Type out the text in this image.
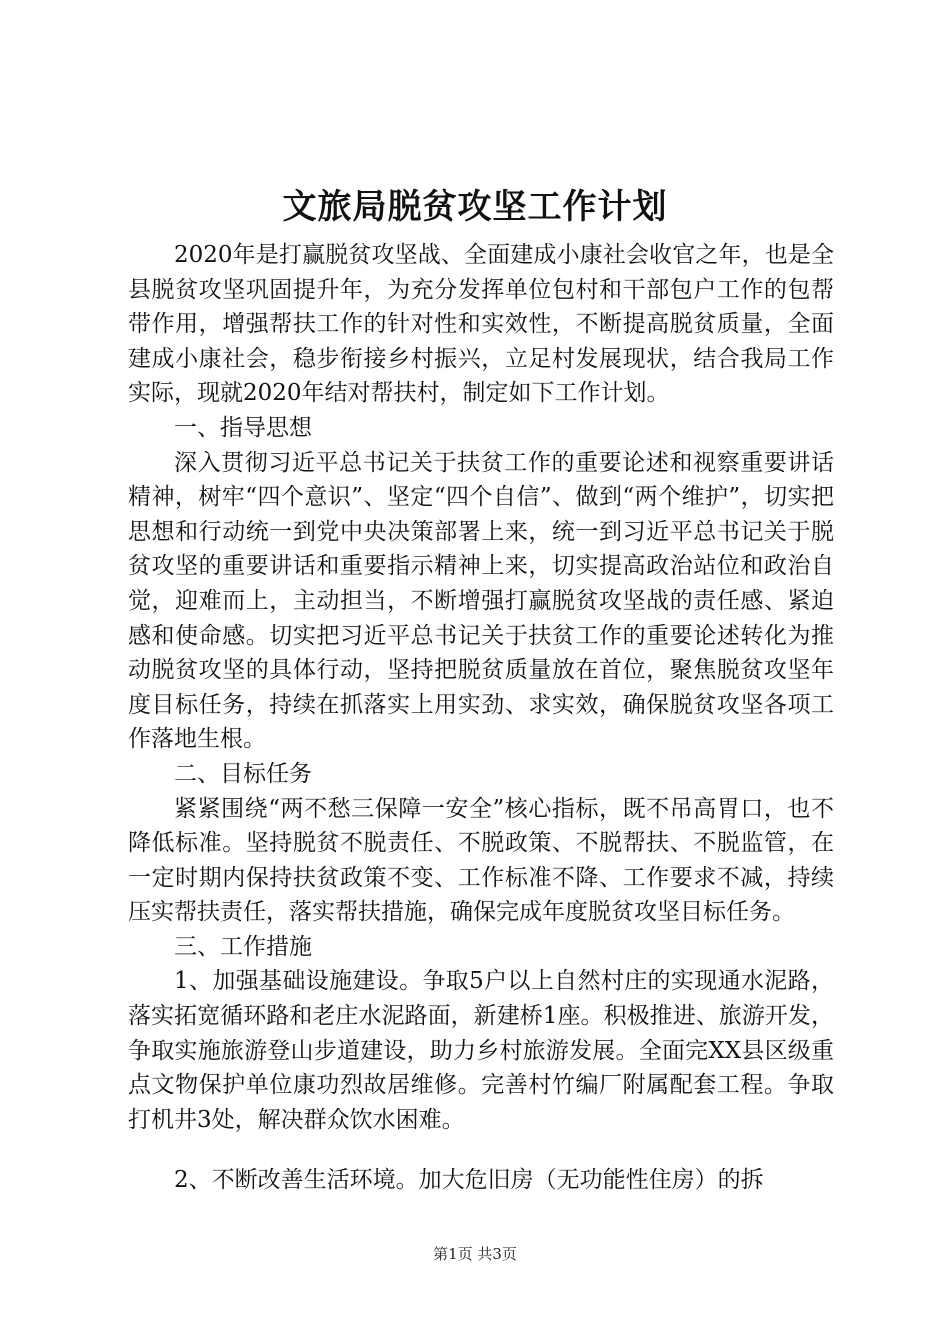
文旅局脱贫攻坚工作计划

2020年是打赢脱贫攻坚战、全面建成小康社会收官之年，也是全县脱贫攻坚巩固提升年，为充分发挥单位包村和干部包户工作的包帮带作用，增强帮扶工作的针对性和实效性，不断提高脱贫质量，全面建成小康社会，稳步衔接乡村振兴，立足村发展现状，结合我局工作实际，现就2020年结对帮扶村，制定如下工作计划。

一、指导思想

深入贯彻习近平总书记关于扶贫工作的重要论述和视察重要讲话精神，树牢“四个意识”、坚定“四个自信”、做到“两个维护”，切实把思想和行动统一到党中央决策部署上来，统一到习近平总书记关于脱贫攻坚的重要讲话和重要指示精神上来，切实提高政治站位和政治自觉，迎难而上，主动担当，不断增强打赢脱贫攻坚战的责任感、紧迫感和使命感。切实把习近平总书记关于扶贫工作的重要论述转化为推动脱贫攻坚的具体行动，坚持把脱贫质量放在首位，聚焦脱贫攻坚年度目标任务，持续在抓落实上用实劲、求实效，确保脱贫攻坚各项工作落地生根。

二、目标任务

紧紧围绕“两不愁三保障一安全”核心指标，既不吊高胃口，也不降低标准。坚持脱贫不脱责任、不脱政策、不脱帮扶、不脱监管，在一定时期内保持扶贫政策不变、工作标准不降、工作要求不减，持续压实帮扶责任，落实帮扶措施，确保完成年度脱贫攻坚目标任务。

三、工作措施

1、加强基础设施建设。争取5户以上自然村庄的实现通水泥路，落实拓宽循环路和老庄水泥路面，新建桥1座。积极推进、旅游开发，争取实施旅游登山步道建设，助力乡村旅游发展。全面完XX县区级重点文物保护单位康功烈故居维修。完善村竹编厂附属配套工程。争取打机井3处，解决群众饮水困难。

2、不断改善生活环境。加大危旧房（无功能性住房）的拆

第1页 共3页
